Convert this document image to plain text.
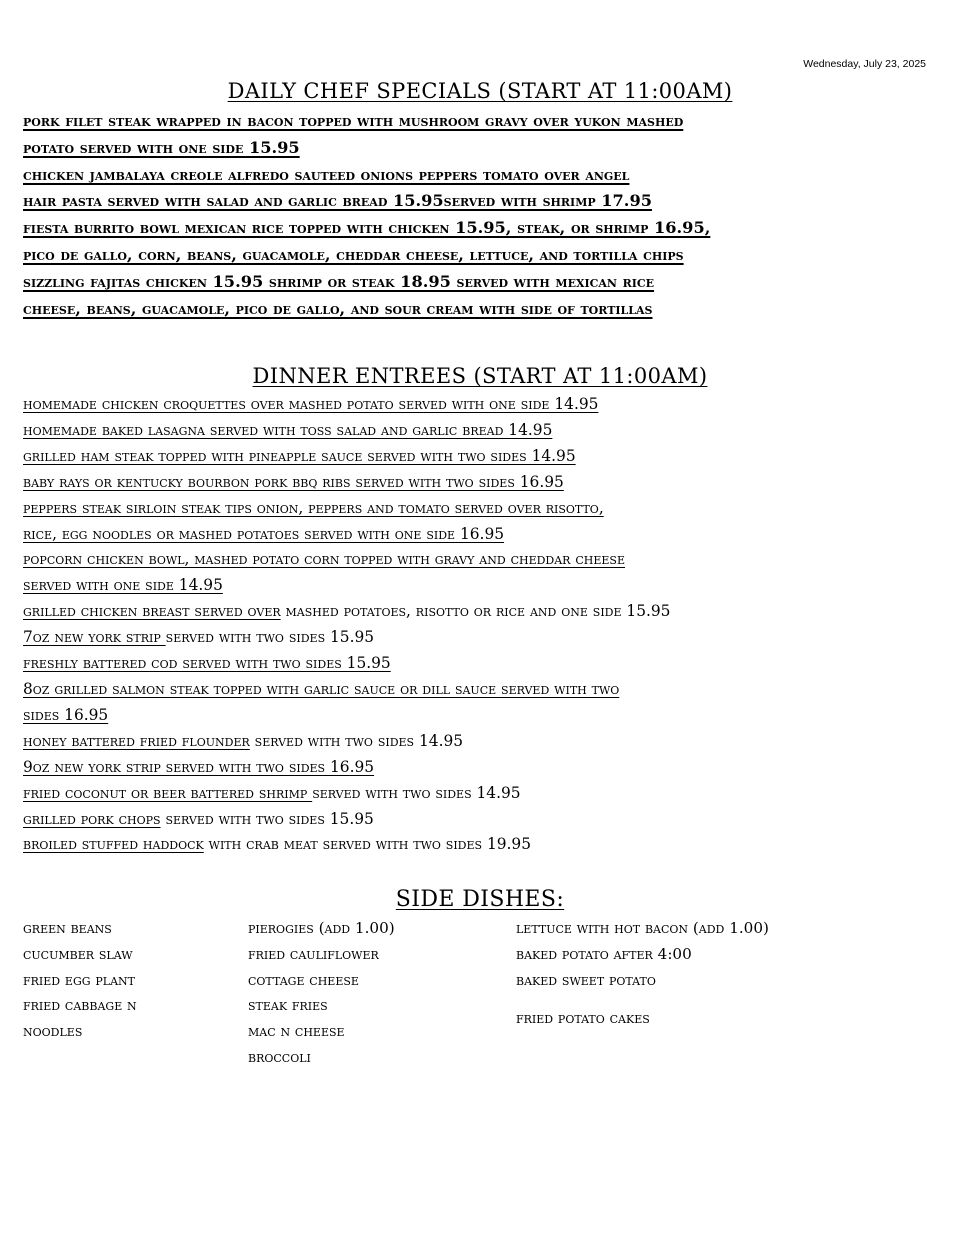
Wednesday, July 23, 2025
DAILY CHEF SPECIALS (START AT 11:00AM)
pork filet steak wrapped in bacon topped with mushroom gravy over yukon mashed
potato served with one side 15.95
chicken jambalaya creole alfredo sauteed onions peppers tomato over angel
hair pasta served with salad and garlic bread 15.95served with shrimp 17.95
fiesta burrito bowl mexican rice topped with chicken 15.95, steak, or shrimp 16.95,
pico de gallo, corn, beans, guacamole, cheddar cheese, lettuce, and tortilla chips
sizzling fajitas chicken 15.95 shrimp or steak 18.95 served with mexican rice
cheese, beans, guacamole, pico de gallo, and sour cream with side of tortillas
DINNER ENTREES (START AT 11:00AM)
homemade chicken croquettes over mashed potato served with one side 14.95
homemade baked lasagna served with toss salad and garlic bread 14.95
grilled ham steak topped with pineapple sauce served with two sides 14.95
baby rays or kentucky bourbon pork bbq ribs served with two sides 16.95
peppers steak sirloin steak tips onion, peppers and tomato served over risotto,
rice, egg noodles or mashed potatoes served with one side 16.95
popcorn chicken bowl, mashed potato corn topped with gravy and cheddar cheese
served with one side 14.95
grilled chicken breast served over mashed potatoes, risotto or rice and one side 15.95
7oz new york strip served with two sides 15.95
freshly battered cod served with two sides 15.95
8oz grilled salmon steak topped with garlic sauce or dill sauce served with two
sides 16.95
honey battered fried flounder served with two sides 14.95
9oz new york strip served with two sides 16.95
fried coconut or beer battered shrimp served with two sides 14.95
grilled pork chops served with two sides 15.95
broiled stuffed haddock with crab meat served with two sides 19.95
SIDE DISHES:
green beans
cucumber slaw
fried egg plant
fried cabbage n
noodles
pierogies (add 1.00)
fried cauliflower
cottage cheese
steak fries
mac n cheese
broccoli
lettuce with hot bacon (add 1.00)
baked potato after 4:00
baked sweet potato
fried potato cakes
